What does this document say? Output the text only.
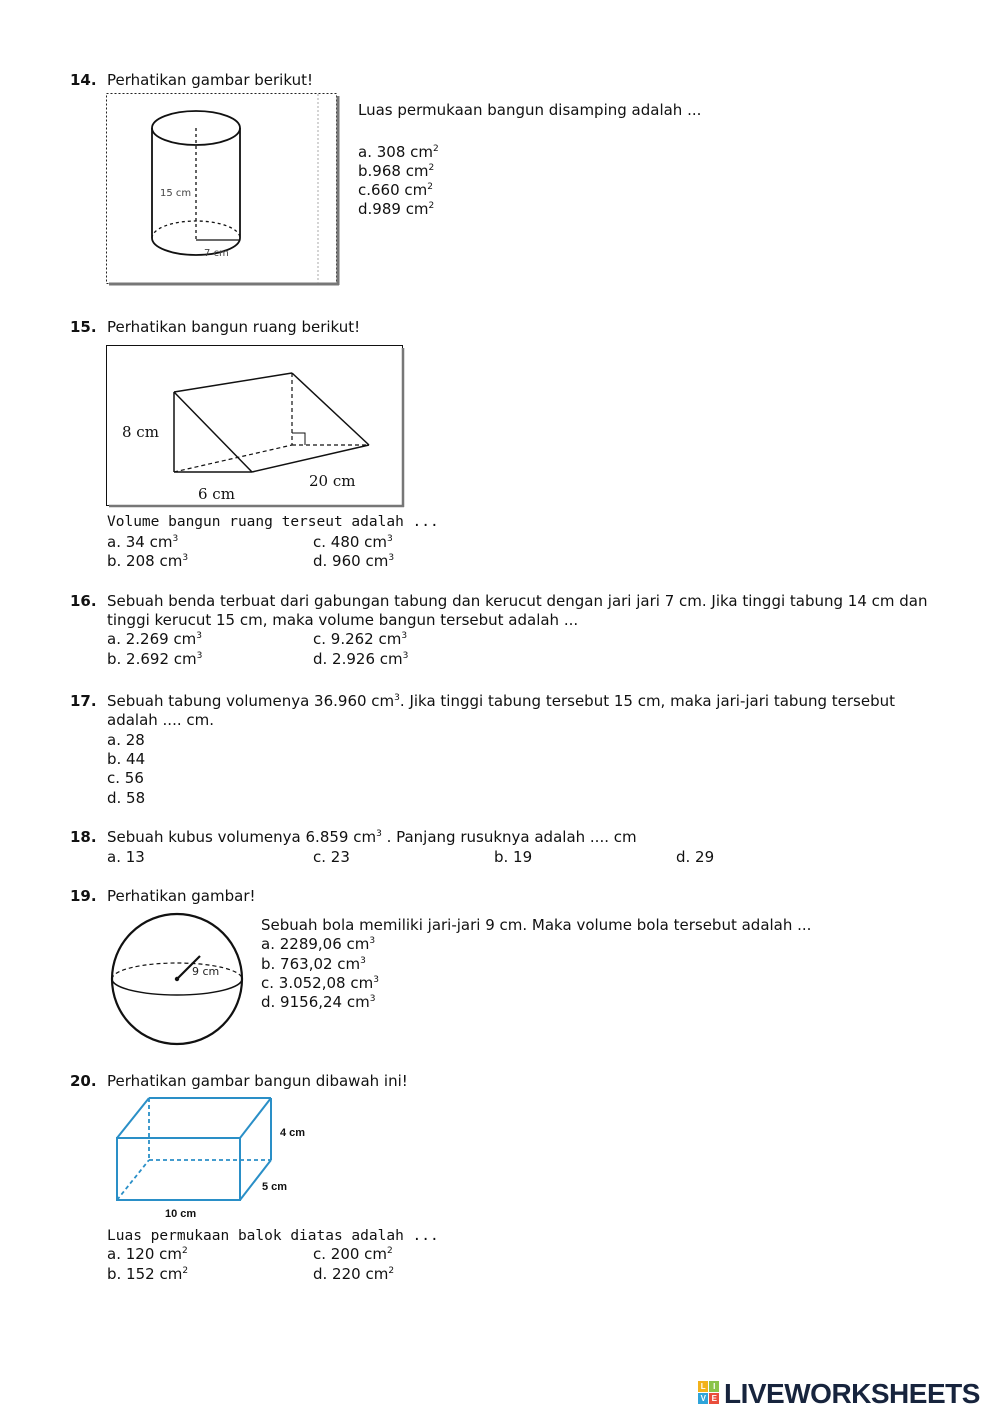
14. Perhatikan gambar berikut!
15 cm
7 cm
Luas permukaan bangun disamping adalah ...
a. 308 $cm^2$
b.968 $cm^2$
c.660 $cm^2$
d.989 $cm^2$
15. Perhatikan bangun ruang berikut!
8 cm
6 cm
20 cm
Volume bangun ruang terseut adalah ...
a. 34 $cm^3$
b. 208 $cm^3$
c. 480 $cm^3$
d. 960 $cm^3$
16. Sebuah benda terbuat dari gabungan tabung dan kerucut dengan jari jari 7 cm. Jika tinggi tabung 14 cm dan
tinggi kerucut 15 cm, maka volume bangun tersebut adalah ...
a. 2.269 $cm^3$
b. 2.692 $cm^3$
c. 9.262 $cm^3$
d. 2.926 $cm^3$
17. Sebuah tabung volumenya 36.960 $cm^3$. Jika tinggi tabung tersebut 15 cm, maka jari-jari tabung tersebut
adalah .... cm.
a. 28
b. 44
c. 56
d. 58
18. Sebuah kubus volumenya 6.859 $cm^3$ . Panjang rusuknya adalah .... cm
a. 13	c. 23	b. 19	d. 29
19. Perhatikan gambar!
9 cm
Sebuah bola memiliki jari-jari 9 cm. Maka volume bola tersebut adalah ...
a. 2289,06 $cm^3$
b. 763,02 $cm^3$
c. 3.052,08 $cm^3$
d. 9156,24 $cm^3$
20. Perhatikan gambar bangun dibawah ini!
4 cm
5 cm
10 cm
Luas permukaan balok diatas adalah ...
a. 120 $cm^2$
b. 152 $cm^2$
c. 200 $cm^2$
d. 220 $cm^2$
L I
V E LIVEWORKSHEETS
